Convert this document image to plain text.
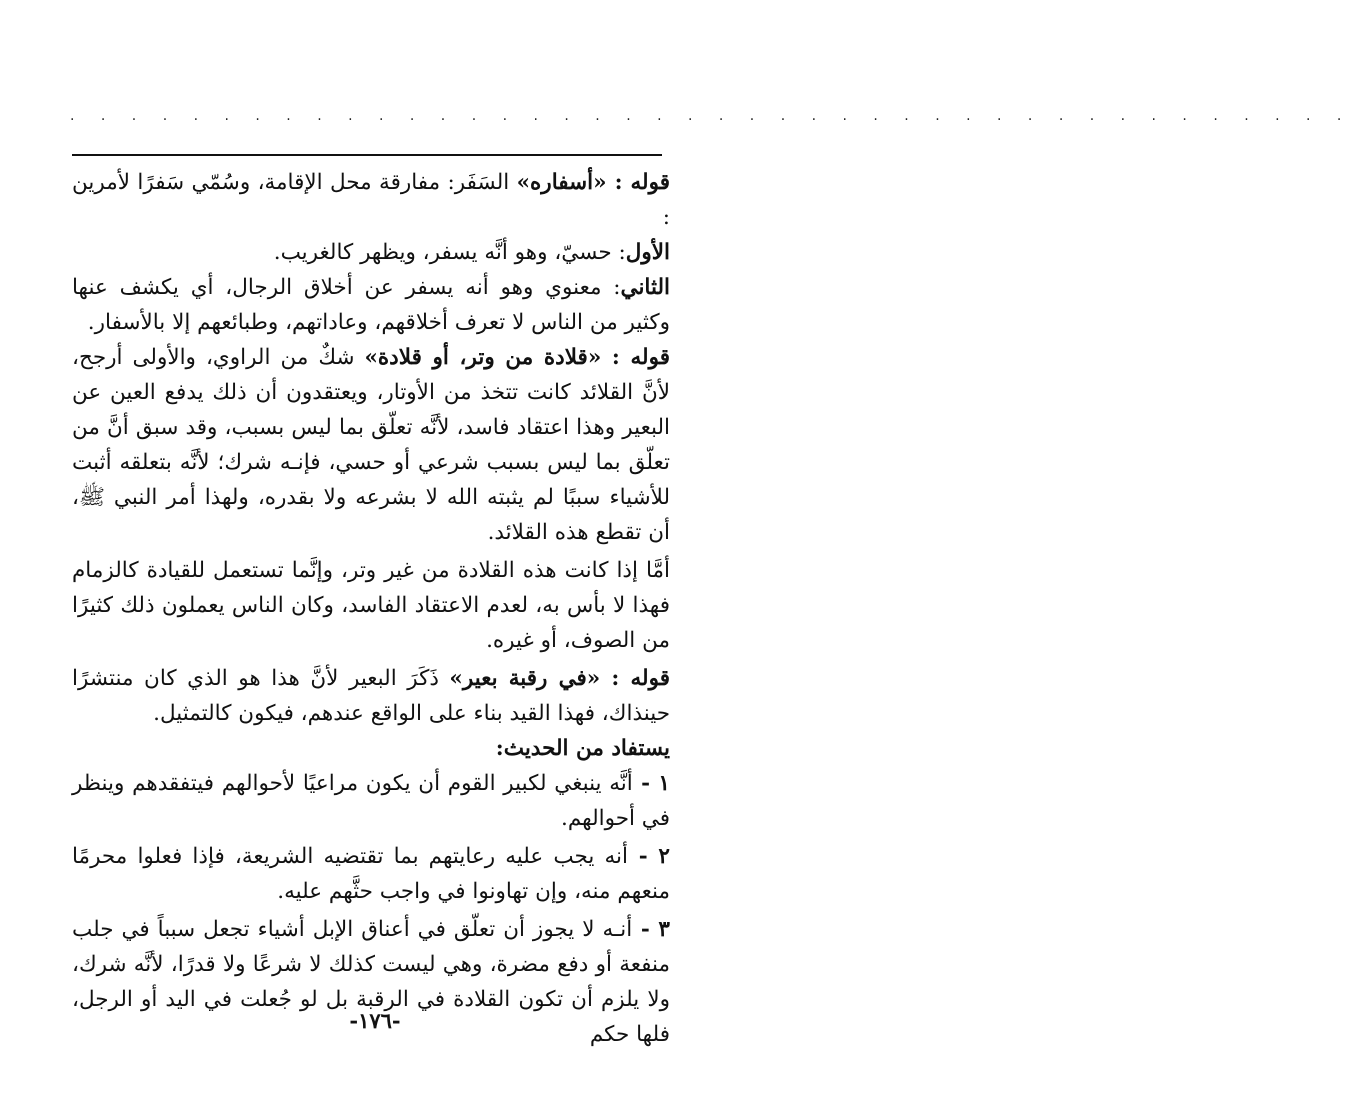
. . . . . . . . . . . . . . . . . . . . . . . . . . . . . . . . . . . . . . . . . .

قوله : «أسفاره» السَفَر: مفارقة محل الإقامة، وسُمّي سَفرًا لأمرين :

الأول: حسيّ، وهو أنَّه يسفر، ويظهر كالغريب.

الثاني: معنوي وهو أنه يسفر عن أخلاق الرجال، أي يكشف عنها وكثير من الناس لا تعرف أخلاقهم، وعاداتهم، وطبائعهم إلا بالأسفار.

قوله : «قلادة من وتر، أو قلادة» شكٌ من الراوي، والأولى أرجح، لأنَّ القلائد كانت تتخذ من الأوتار، ويعتقدون أن ذلك يدفع العين عن البعير وهذا اعتقاد فاسد، لأنَّه تعلّق بما ليس بسبب، وقد سبق أنَّ من تعلّق بما ليس بسبب شرعي أو حسي، فإنـه شرك؛ لأنَّه بتعلقه أثبت للأشياء سببًا لم يثبته الله لا بشرعه ولا بقدره، ولهذا أمر النبي ﷺ، أن تقطع هذه القلائد.

أمَّا إذا كانت هذه القلادة من غير وتر، وإنَّما تستعمل للقيادة كالزمام فهذا لا بأس به، لعدم الاعتقاد الفاسد، وكان الناس يعملون ذلك كثيرًا من الصوف، أو غيره.

قوله : «في رقبة بعير» ذَكَرَ البعير لأنَّ هذا هو الذي كان منتشرًا حينذاك، فهذا القيد بناء على الواقع عندهم، فيكون كالتمثيل.

يستفاد من الحديث:

١ - أنَّه ينبغي لكبير القوم أن يكون مراعيًا لأحوالهم فيتفقدهم وينظر في أحوالهم.

٢ - أنه يجب عليه رعايتهم بما تقتضيه الشريعة، فإذا فعلوا محرمًا منعهم منه، وإن تهاونوا في واجب حثَّهم عليه.

٣ - أنـه لا يجوز أن تعلّق في أعناق الإبل أشياء تجعل سبباً في جلب منفعة أو دفع مضرة، وهي ليست كذلك لا شرعًا ولا قدرًا، لأنَّه شرك، ولا يلزم أن تكون القلادة في الرقبة بل لو جُعلت في اليد أو الرجل، فلها حكم

-١٧٦-
